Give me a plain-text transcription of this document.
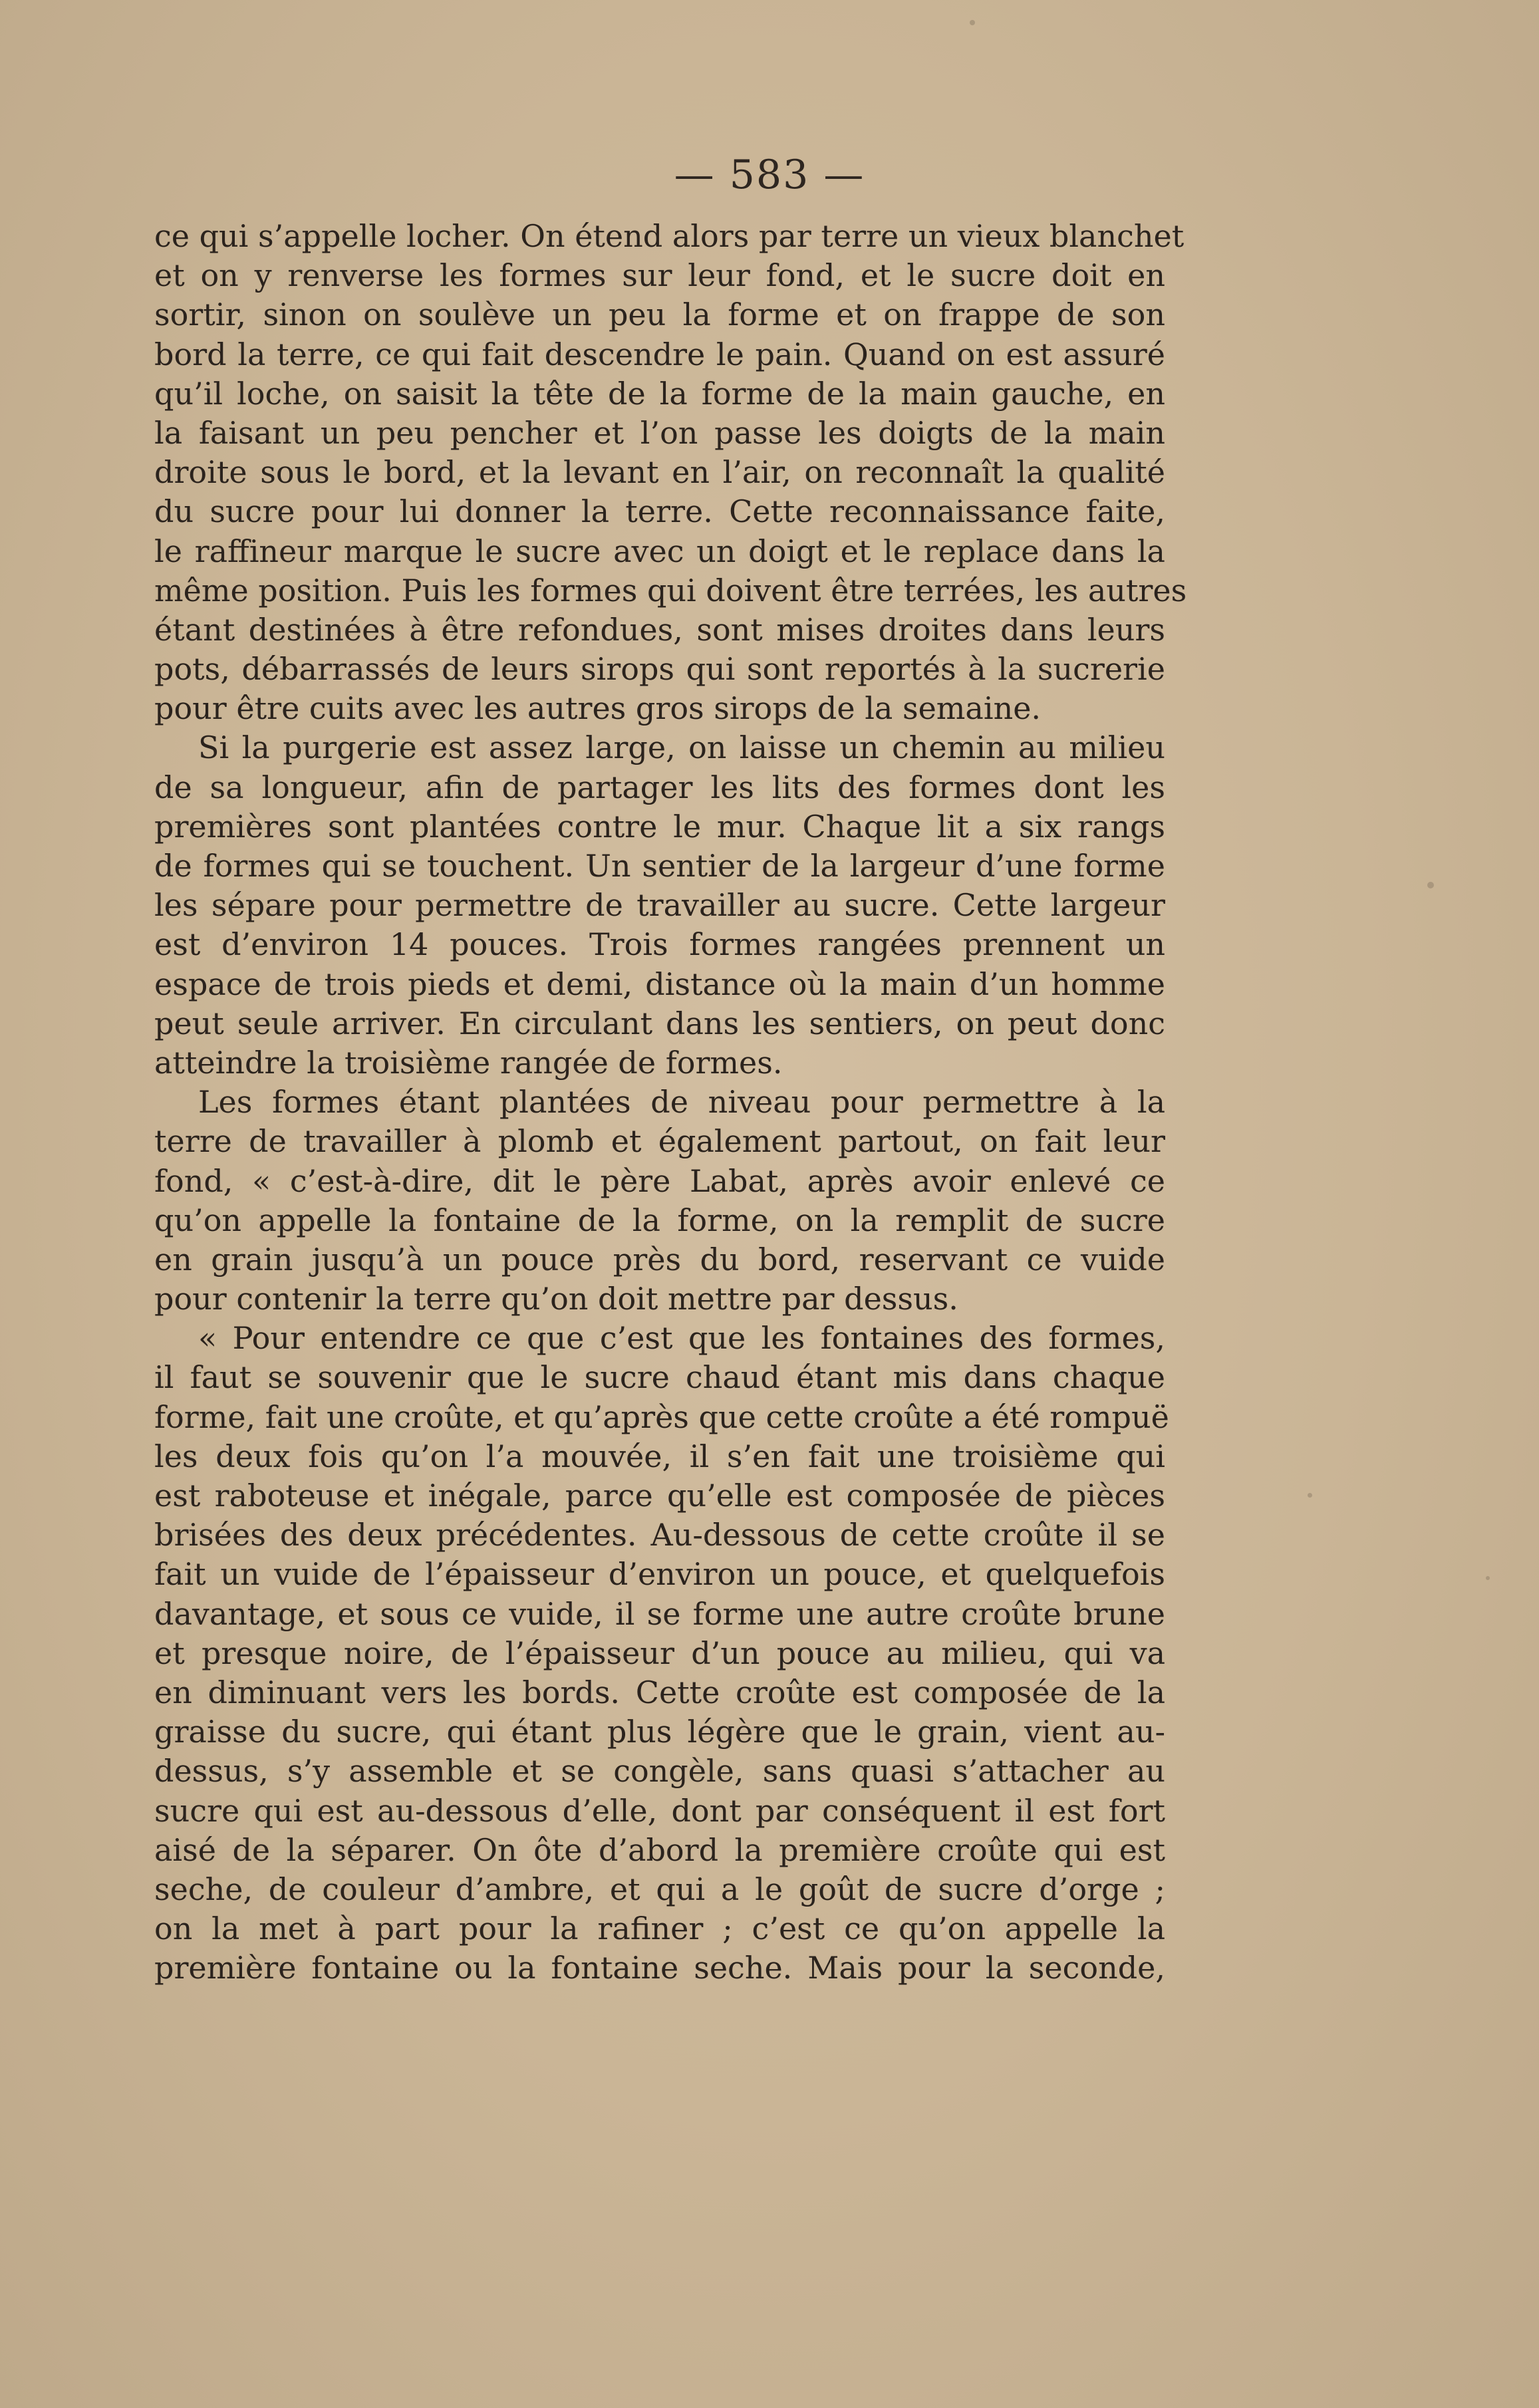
— 583 —
ce qui s’appelle locher. On étend alors par terre un vieux blanchet
et on y renverse les formes sur leur fond, et le sucre doit en
sortir, sinon on soulève un peu la forme et on frappe de son
bord la terre, ce qui fait descendre le pain. Quand on est assuré
qu’il loche, on saisit la tête de la forme de la main gauche, en
la faisant un peu pencher et l’on passe les doigts de la main
droite sous le bord, et la levant en l’air, on reconnaît la qualité
du sucre pour lui donner la terre. Cette reconnaissance faite,
le raffineur marque le sucre avec un doigt et le replace dans la
même position. Puis les formes qui doivent être terrées, les autres
étant destinées à être refondues, sont mises droites dans leurs
pots, débarrassés de leurs sirops qui sont reportés à la sucrerie
pour être cuits avec les autres gros sirops de la semaine.
Si la purgerie est assez large, on laisse un chemin au milieu
de sa longueur, afin de partager les lits des formes dont les
premières sont plantées contre le mur. Chaque lit a six rangs
de formes qui se touchent. Un sentier de la largeur d’une forme
les sépare pour permettre de travailler au sucre. Cette largeur
est d’environ 14 pouces. Trois formes rangées prennent un
espace de trois pieds et demi, distance où la main d’un homme
peut seule arriver. En circulant dans les sentiers, on peut donc
atteindre la troisième rangée de formes.
Les formes étant plantées de niveau pour permettre à la
terre de travailler à plomb et également partout, on fait leur
fond, « c’est-à-dire, dit le père Labat, après avoir enlevé ce
qu’on appelle la fontaine de la forme, on la remplit de sucre
en grain jusqu’à un pouce près du bord, reservant ce vuide
pour contenir la terre qu’on doit mettre par dessus.
« Pour entendre ce que c’est que les fontaines des formes,
il faut se souvenir que le sucre chaud étant mis dans chaque
forme, fait une croûte, et qu’après que cette croûte a été rompuë
les deux fois qu’on l’a mouvée, il s’en fait une troisième qui
est raboteuse et inégale, parce qu’elle est composée de pièces
brisées des deux précédentes. Au-dessous de cette croûte il se
fait un vuide de l’épaisseur d’environ un pouce, et quelquefois
davantage, et sous ce vuide, il se forme une autre croûte brune
et presque noire, de l’épaisseur d’un pouce au milieu, qui va
en diminuant vers les bords. Cette croûte est composée de la
graisse du sucre, qui étant plus légère que le grain, vient au-
dessus, s’y assemble et se congèle, sans quasi s’attacher au
sucre qui est au-dessous d’elle, dont par conséquent il est fort
aisé de la séparer. On ôte d’abord la première croûte qui est
seche, de couleur d’ambre, et qui a le goût de sucre d’orge ;
on la met à part pour la rafiner ; c’est ce qu’on appelle la
première fontaine ou la fontaine seche. Mais pour la seconde,
